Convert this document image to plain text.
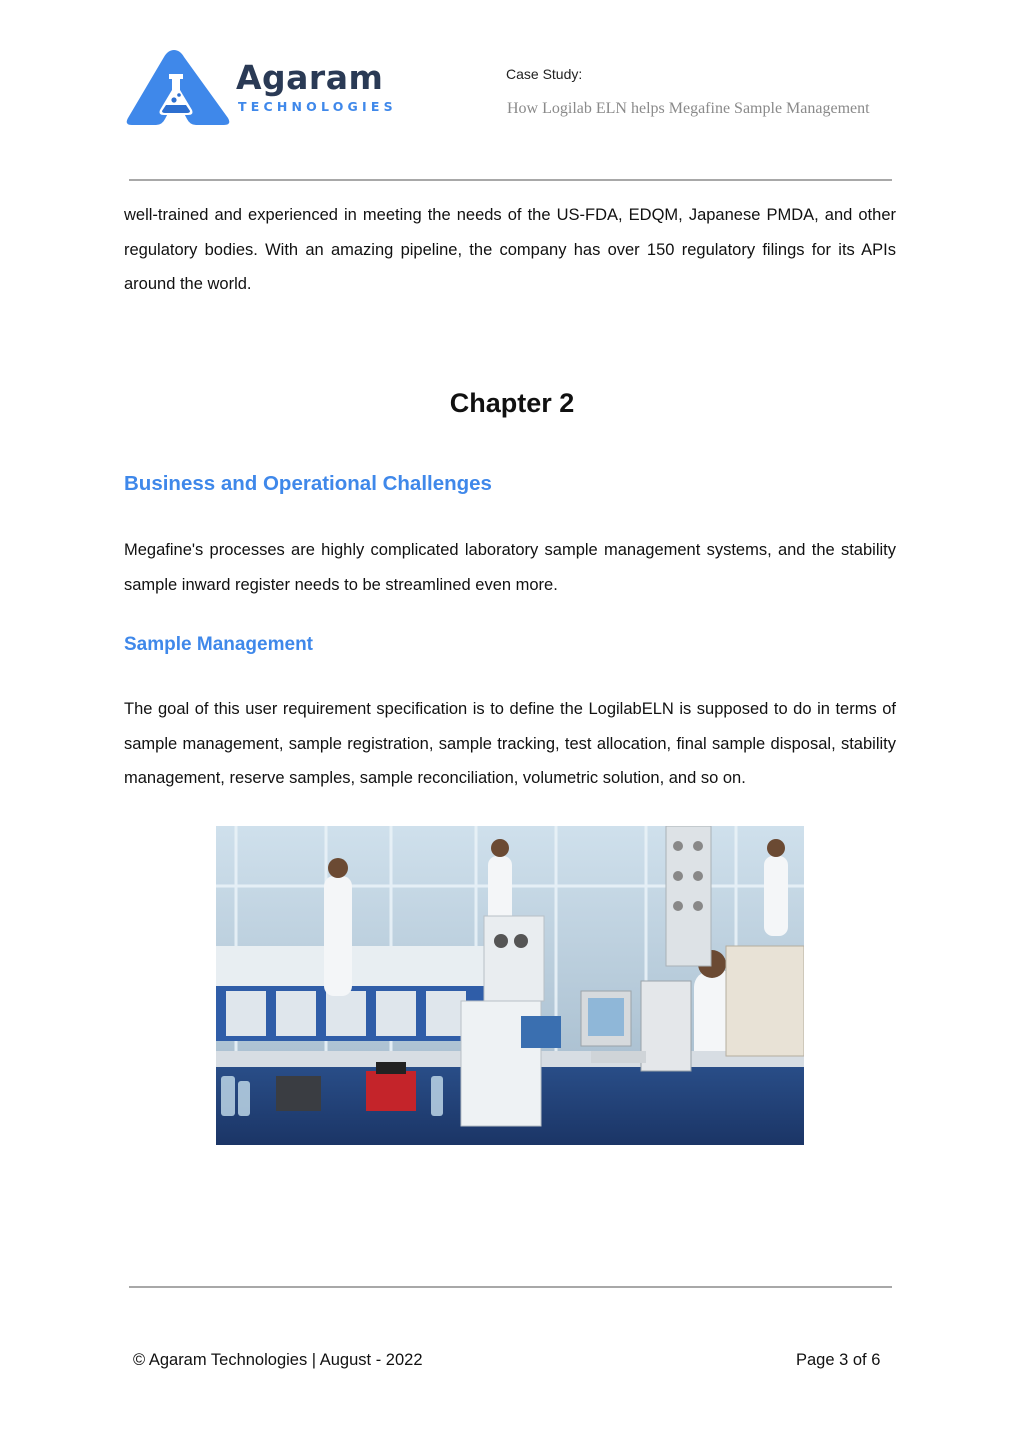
Agaram
TECHNOLOGIES
Case Study:
How Logilab ELN helps Megafine Sample Management
well-trained and experienced in meeting the needs of the US-FDA, EDQM, Japanese PMDA, and other regulatory bodies. With an amazing pipeline, the company has over 150 regulatory filings for its APIs around the world.
Chapter 2
Business and Operational Challenges
Megafine's processes are highly complicated laboratory sample management systems, and the stability sample inward register needs to be streamlined even more.
Sample Management
The goal of this user requirement specification is to define the LogilabELN is supposed to do in terms of sample management, sample registration, sample tracking, test allocation, final sample disposal, stability management, reserve samples, sample reconciliation, volumetric solution, and so on.
© Agaram Technologies | August - 2022	Page 3 of 6
